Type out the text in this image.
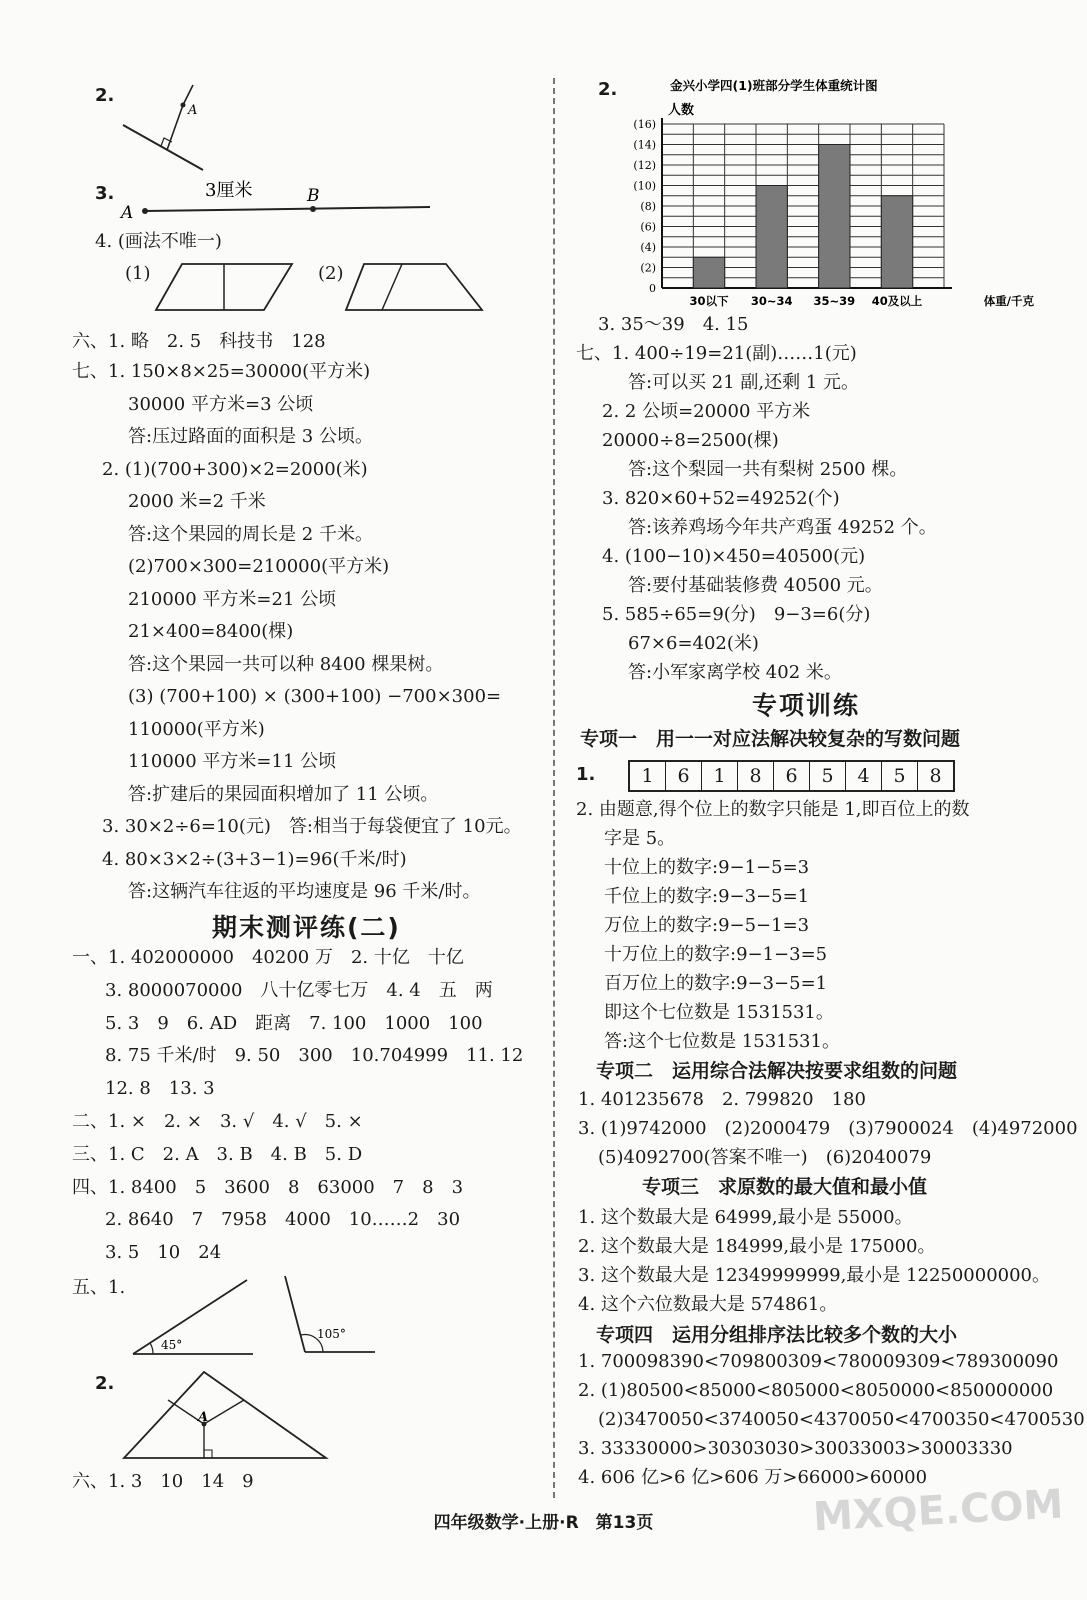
2.
A
3.
A
B
3厘米
4. (画法不唯一)
(1)	(2)
六、1. 略　2. 5　科技书　128
七、1. 150×8×25=30000(平方米)
30000 平方米=3 公顷
答:压过路面的面积是 3 公顷。
2. (1)(700+300)×2=2000(米)
2000 米=2 千米
答:这个果园的周长是 2 千米。
(2)700×300=210000(平方米)
210000 平方米=21 公顷
21×400=8400(棵)
答:这个果园一共可以种 8400 棵果树。
(3) (700+100) × (300+100) −700×300=
110000(平方米)
110000 平方米=11 公顷
答:扩建后的果园面积增加了 11 公顷。
3. 30×2÷6=10(元)　答:相当于每袋便宜了 10元。
4. 80×3×2÷(3+3−1)=96(千米/时)
答:这辆汽车往返的平均速度是 96 千米/时。
期末测评练(二)
一、1. 402000000　40200 万　2. 十亿　十亿
3. 8000070000　八十亿零七万　4. 4　五　两
5. 3　9　6. AD　距离　7. 100　1000　100
8. 75 千米/时　9. 50　300　10.704999　11. 12
12. 8　13. 3
二、1. ×　2. ×　3. √　4. √　5. ×
三、1. C　2. A　3. B　4. B　5. D
四、1. 8400　5　3600　8　63000　7　8　3
2. 8640　7　7958　4000　10……2　30
3. 5　10　24
五、1.
45°
105°
2.
A
六、1. 3　10　14　9
2.	金兴小学四(1)班部分学生体重统计图
人数
0
(2)
(4)
(6)
(8)
(10)
(12)
(14)
(16)
30以下 30~34 35~39 40及以上	体重/千克
3. 35～39　4. 15
七、1. 400÷19=21(副)……1(元)
答:可以买 21 副,还剩 1 元。
2. 2 公顷=20000 平方米
20000÷8=2500(棵)
答:这个梨园一共有梨树 2500 棵。
3. 820×60+52=49252(个)
答:该养鸡场今年共产鸡蛋 49252 个。
4. (100−10)×450=40500(元)
答:要付基础装修费 40500 元。
5. 585÷65=9(分)　9−3=6(分)
67×6=402(米)
答:小军家离学校 402 米。
专项训练
专项一　用一一对应法解决较复杂的写数问题
1.	1	6	1	8	6	5	4	5	8
2. 由题意,得个位上的数字只能是 1,即百位上的数
字是 5。
十位上的数字:9−1−5=3
千位上的数字:9−3−5=1
万位上的数字:9−5−1=3
十万位上的数字:9−1−3=5
百万位上的数字:9−3−5=1
即这个七位数是 1531531。
答:这个七位数是 1531531。
专项二　运用综合法解决按要求组数的问题
1. 401235678　2. 799820　180
3. (1)9742000　(2)2000479　(3)7900024　(4)4972000
(5)4092700(答案不唯一)　(6)2040079
专项三　求原数的最大值和最小值
1. 这个数最大是 64999,最小是 55000。
2. 这个数最大是 184999,最小是 175000。
3. 这个数最大是 12349999999,最小是 12250000000。
4. 这个六位数最大是 574861。
专项四　运用分组排序法比较多个数的大小
1. 700098390<709800309<780009309<789300090
2. (1)80500<85000<805000<8050000<850000000
(2)3470050<3740050<4370050<4700350<4700530
3. 33330000>30303030>30033003>30003330
4. 606 亿>6 亿>606 万>66000>60000
四年级数学·上册·R　第13页	MXQE.COM
